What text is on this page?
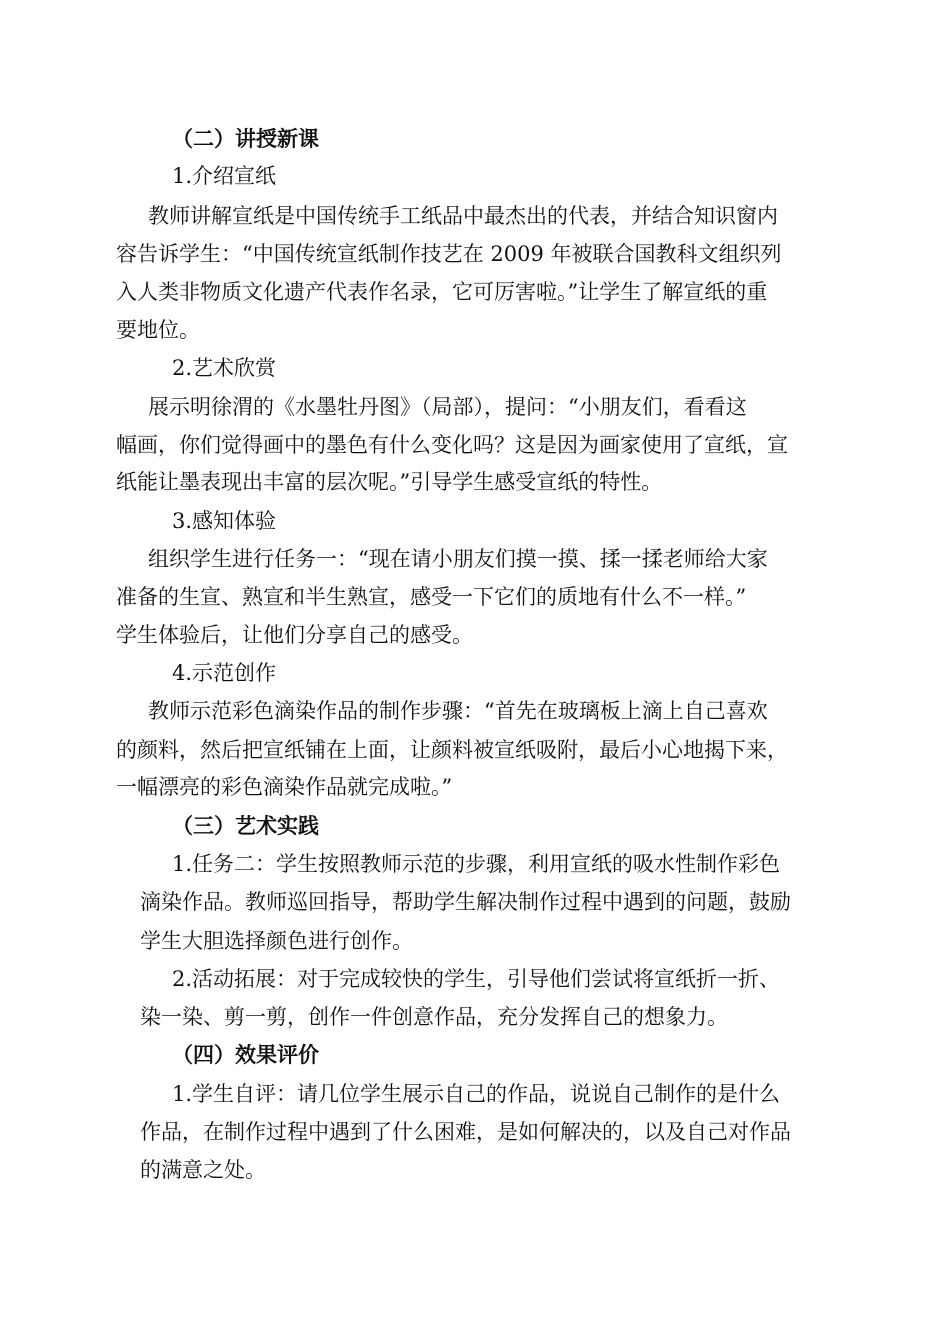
（二）讲授新课
1.介绍宣纸
教师讲解宣纸是中国传统手工纸品中最杰出的代表，并结合知识窗内
容告诉学生：“中国传统宣纸制作技艺在 2009 年被联合国教科文组织列
入人类非物质文化遗产代表作名录，它可厉害啦。”让学生了解宣纸的重
要地位。
2.艺术欣赏
展示明徐渭的《水墨牡丹图》（局部），提问：“小朋友们，看看这
幅画，你们觉得画中的墨色有什么变化吗？这是因为画家使用了宣纸，宣
纸能让墨表现出丰富的层次呢。”引导学生感受宣纸的特性。
3.感知体验
组织学生进行任务一：“现在请小朋友们摸一摸、揉一揉老师给大家
准备的生宣、熟宣和半生熟宣，感受一下它们的质地有什么不一样。”
学生体验后，让他们分享自己的感受。
4.示范创作
教师示范彩色滴染作品的制作步骤：“首先在玻璃板上滴上自己喜欢
的颜料，然后把宣纸铺在上面，让颜料被宣纸吸附，最后小心地揭下来，
一幅漂亮的彩色滴染作品就完成啦。”
（三）艺术实践
1.任务二：学生按照教师示范的步骤，利用宣纸的吸水性制作彩色
滴染作品。教师巡回指导，帮助学生解决制作过程中遇到的问题，鼓励
学生大胆选择颜色进行创作。
2.活动拓展：对于完成较快的学生，引导他们尝试将宣纸折一折、
染一染、剪一剪，创作一件创意作品，充分发挥自己的想象力。
（四）效果评价
1.学生自评：请几位学生展示自己的作品，说说自己制作的是什么
作品，在制作过程中遇到了什么困难，是如何解决的，以及自己对作品
的满意之处。
